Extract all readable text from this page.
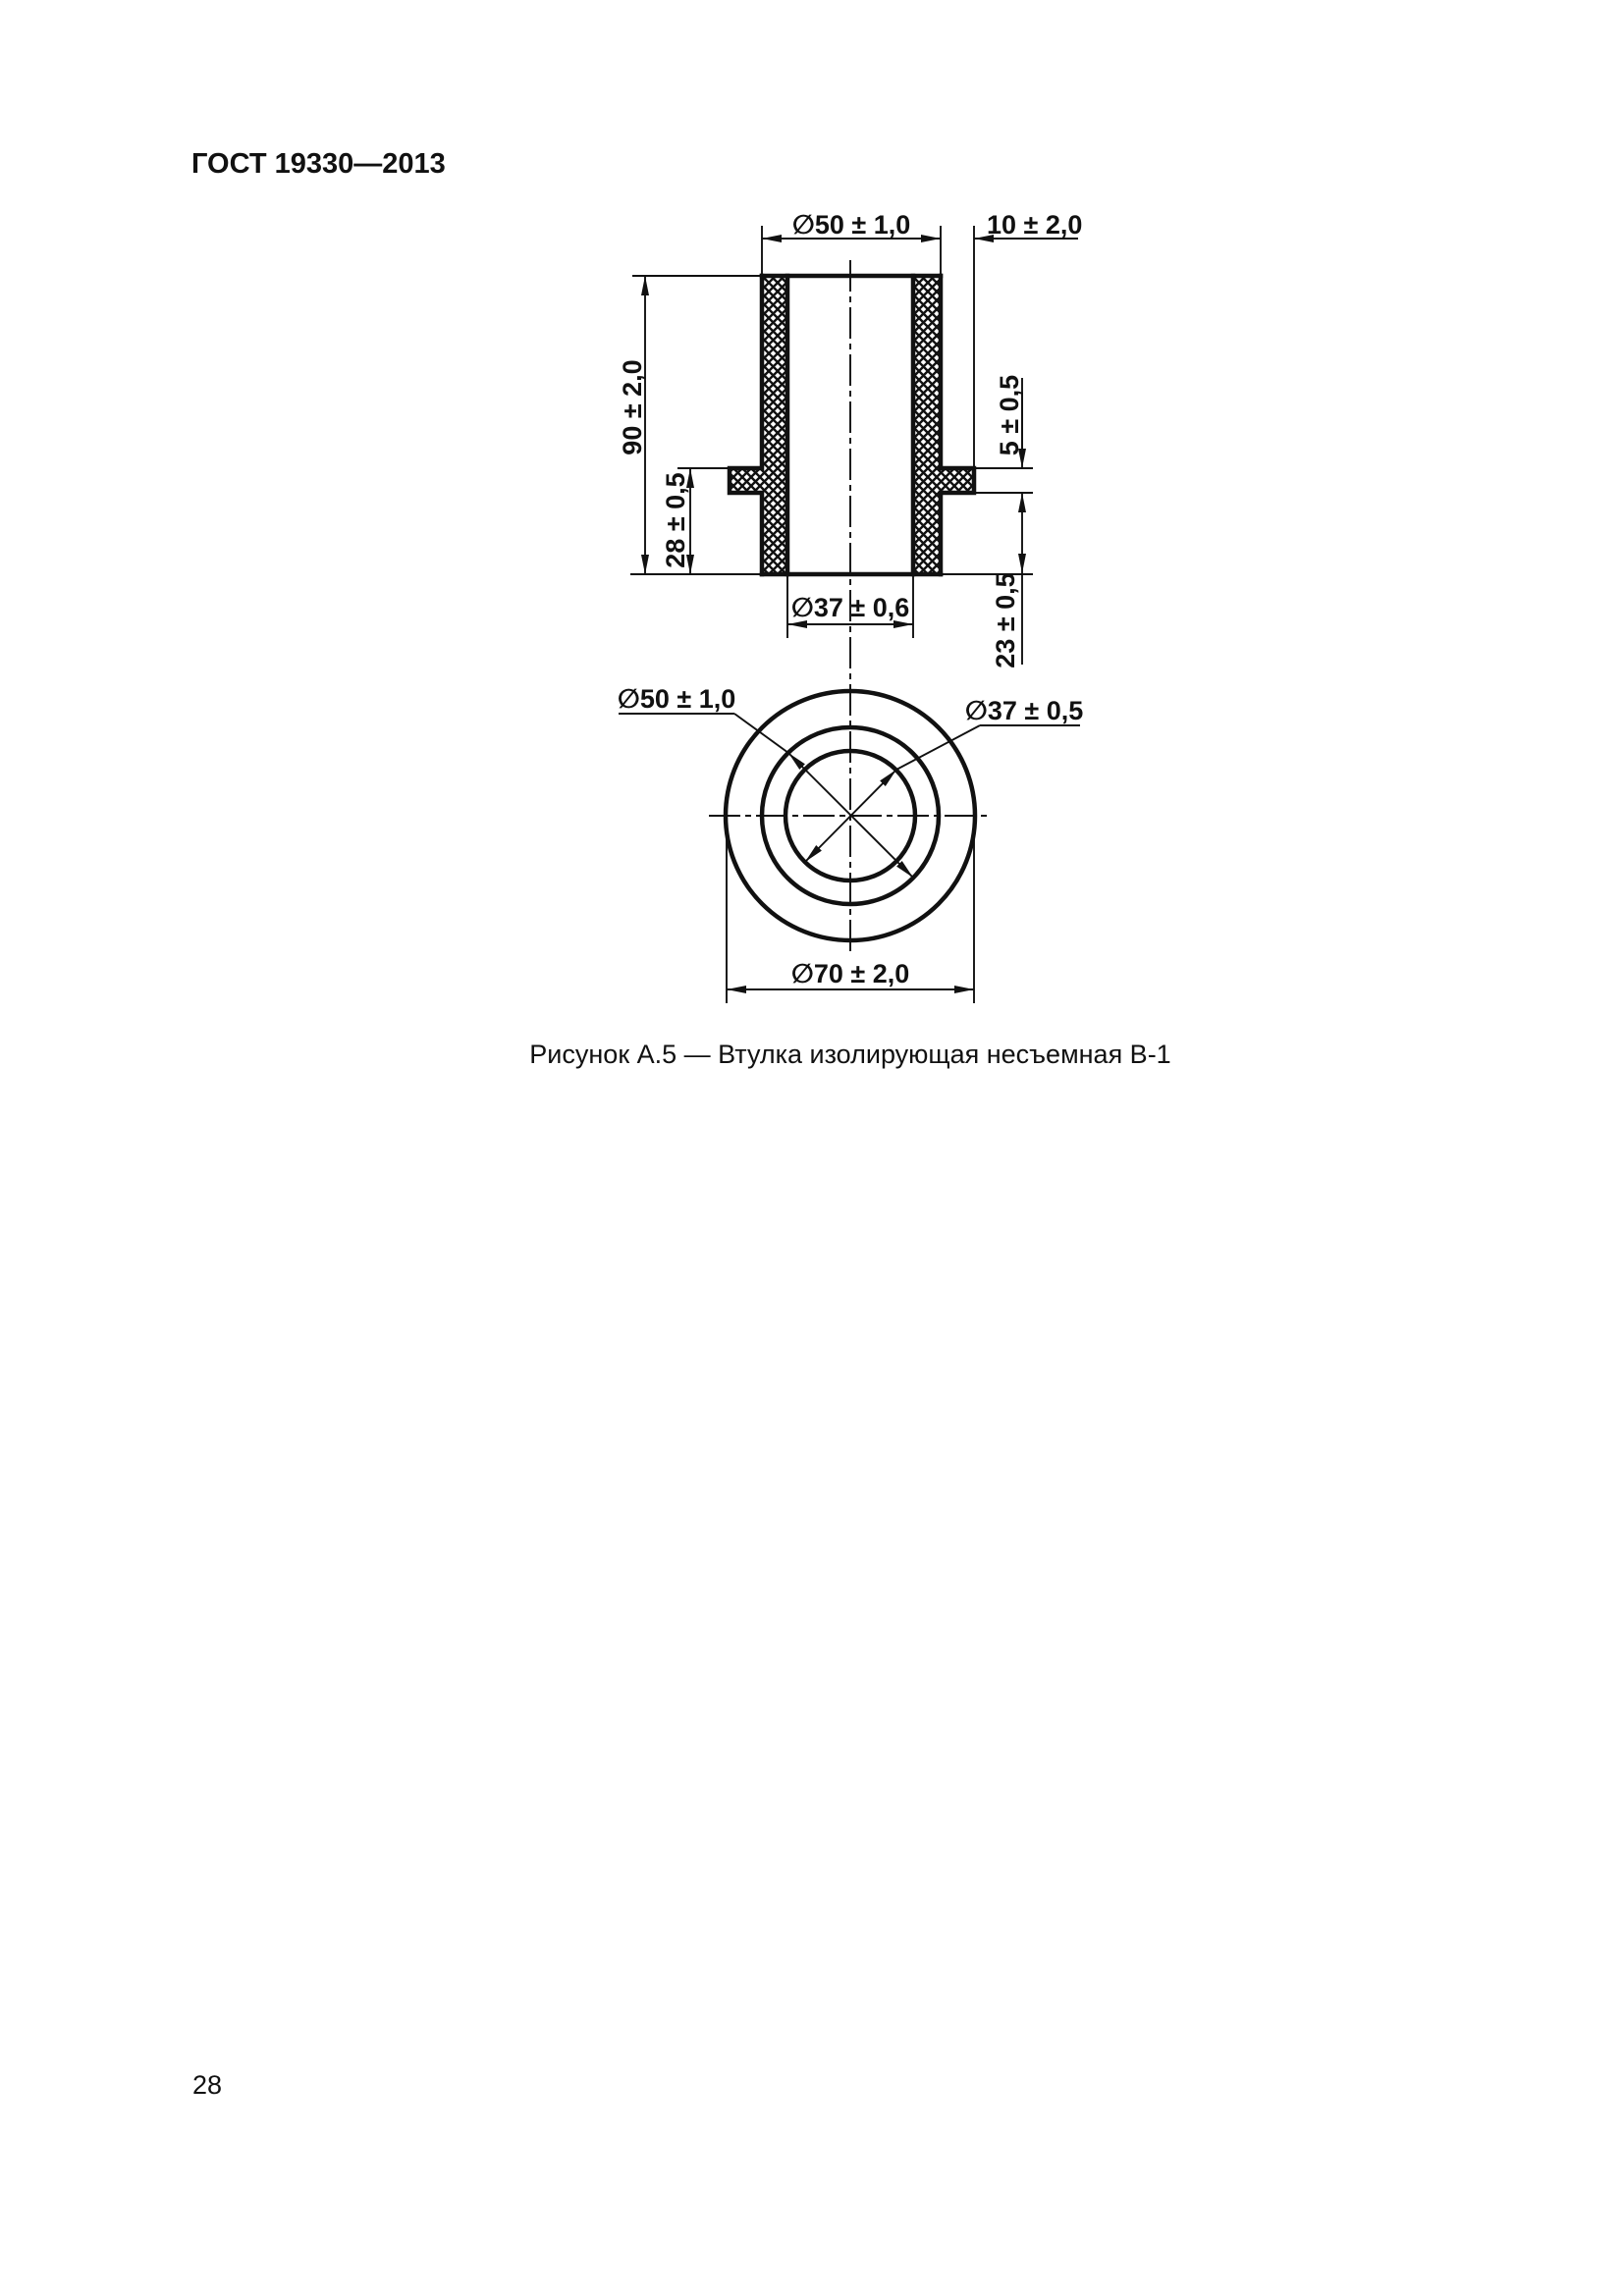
ГОСТ 19330—2013
∅50 ± 1,0	10 ± 2,0
90 ± 2,0
28 ± 0,5
5 ± 0,5
23 ± 0,5
∅37 ± 0,6
∅50 ± 1,0	∅37 ± 0,5
∅70 ± 2,0
Рисунок А.5 — Втулка изолирующая несъемная В-1
28
